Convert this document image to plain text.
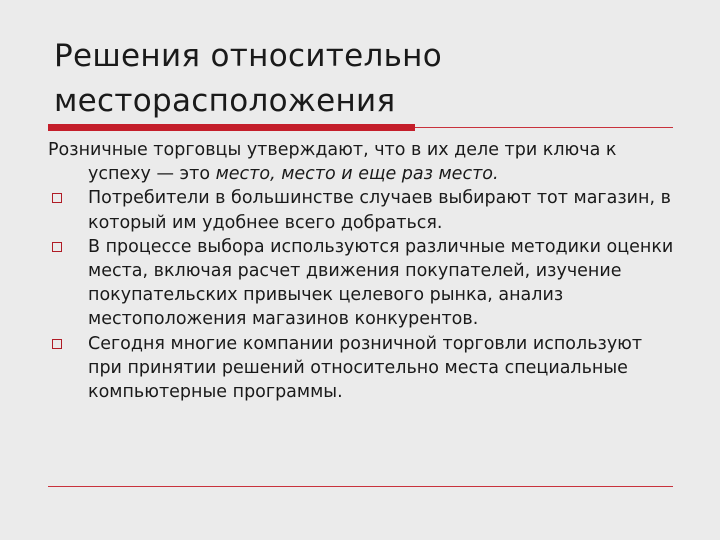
Решения относительно месторасположения

Розничные торговцы утверждают, что в их деле три ключа к успеху — это место, место и еще раз место.

Потребители в большинстве случаев выбирают тот магазин, в который им удобнее всего добраться.
В процессе выбора используются различные методики оценки места, включая расчет движения покупателей, изучение покупательских привычек целевого рынка, анализ местоположения магазинов конкурентов.
Сегодня многие компании розничной торговли используют при принятии решений относительно места специальные компьютерные программы.
